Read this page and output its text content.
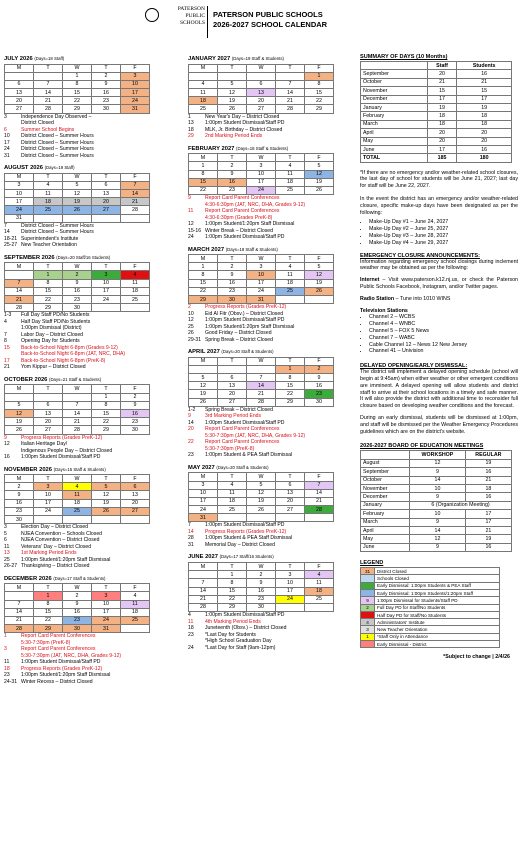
PATERSON
PUBLIC
SCHOOLS
PATERSON PUBLIC SCHOOLS
2026-2027 SCHOOL CALENDAR
JULY 2026 (Days=18 Staff)
M	T	W	T	F
		1	2	3
6	7	8	9	10
13	14	15	16	17
20	21	22	23	24
27	28	29	30	31
3	Independence Day Observed –
District Closed
6	Summer School Begins
10	District Closed – Summer Hours
17	District Closed – Summer Hours
24	District Closed – Summer Hours
31	District Closed – Summer Hours
AUGUST 2026 (Days=19 Staff)
M	T	W	T	F
3	4	5	6	7
10	11	12	13	14
17	18	19	20	21
24	25	26	27	28
31				
7	District Closed – Summer Hours
14	District Closed – Summer Hours
18-21 Superintendent's Institute
25-27 New Teacher Orientation
SEPTEMBER 2026 (Days=20 Staff/16 Students)
M	T	W	T	F
	1	2	3	4
7	8	9	10	11
14	15	16	17	18
21	22	23	24	25
28	29	30		
1-3	Full Day Staff PD/No Students
4	Half Day Staff PD/No Students
1:00pm Dismissal (District)
7	Labor Day – District Closed
8	Opening Day for Students
15	Back-to-School Night 6-8pm (Grades 9-12)
Back-to-School Night 6-8pm (JAT, NRC, DHA)
17	Back-to-School Night 6-8pm (PreK-8)
21	Yom Kippur – District Closed
OCTOBER 2026 (Days=21 Staff & Students)
M	T	W	T	F
			1	2
5	6	7	8	9
12	13	14	15	16
19	20	21	22	23
26	27	28	29	30
9	Progress Reports (Grades PreK-12)
12	Italian Heritage Day/
Indigenous People Day – District Closed
16	1:00pm Student Dismissal/Staff PD
NOVEMBER 2026 (Days=15 Staff & Students)
M	T	W	T	F
2	3	4	5	6
9	10	11	12	13
16	17	18	19	20
23	24	25	26	27
30				
3	Election Day – District Closed
5	NJEA Convention – Schools Closed
6	NJEA Convention – District Closed
11	Veterans' Day – District Closed
13	1st Marking Period Ends
25	1:00pm Student/1:20pm Staff Dismissal
26-27 Thanksgiving – District Closed
DECEMBER 2026 (Days=17 Staff & Students)
M	T	W	T	F
	1	2	3	4
7	8	9	10	11
14	15	16	17	18
21	22	23	24	25
28	29	30	31	
1	Report Card Parent Conferences
5:30-7:30pm (PreK-8)
3	Report Card Parent Conferences
5:30-7:30pm (JAT, NRC, DHA, Grades 9-12)
11	1:00pm Student Dismissal/Staff PD
18	Progress Reports (Grades PreK-12)
23	1:00pm Student/1:20pm Staff Dismissal
24-31 Winter Recess – District Closed
JANUARY 2027 (Days=19 Staff & Students)
M	T	W	T	F
				1
4	5	6	7	8
11	12	13	14	15
18	19	20	21	22
25	26	27	28	29
1	New Year's Day – District Closed
13	1:00pm Student Dismissal/Staff PD
18	MLK, Jr. Birthday – District Closed
29	2nd Marking Period Ends
FEBRUARY 2027 (Days=18 Staff & Students)
M	T	W	T	F
1	2	3	4	5
8	9	10	11	12
15	16	17	18	19
22	23	24	25	26
9	Report Card Parent Conferences
4:30-6:30pm (JAT, NRC, DHA, Grades 9-12)
11	Report Card Parent Conferences
4:30-6:30pm (Grades PreK-8)
12	1:00pm Student/1:20pm Staff Dismissal
15-16 Winter Break – District Closed
24	1:00pm Student Dismissal/Staff PD
MARCH 2027 (Days=18 Staff & Students)
M	T	W	T	F
1	2	3	4	5
8	9	10	11	12
15	16	17	18	19
22	23	24	25	26
29	30	31		
2	Progress Reports (Grades PreK-12)
10	Eid Al Fitr (Obsv.) – District Closed
12	1:00pm Student Dismissal/Staff PD
25	1:00pm Student/1:20pm Staff Dismissal
26	Good Friday – District Closed
29-31 Spring Break – District Closed
APRIL 2027 (Days=20 Staff & Students)
M	T	W	T	F
			1	2
5	6	7	8	9
12	13	14	15	16
19	20	21	22	23
26	27	28	29	30
1-2	Spring Break – District Closed
9	3rd Marking Period Ends
14	1:00pm Student Dismissal/Staff PD
20	Report Card Parent Conferences
5:30-7:30pm (JAT, NRC, DHA, Grades 9-12)
22	Report Card Parent Conferences
5:30-7:30pm (PreK-8)
23	1:00pm Student & PEA Staff Dismissal
MAY 2027 (Days=20 Staff & Students)
M	T	W	T	F
3	4	5	6	7
10	11	12	13	14
17	18	19	20	21
24	25	26	27	28
31				
7	1:00pm Student Dismissal/Staff PD
14	Progress Reports (Grades PreK-12)
28	1:00pm Student & PEA Staff Dismissal
31	Memorial Day – District Closed
JUNE 2027 (Days=17 Staff/16 Students)
M	T	W	T	F
	1	2	3	4
7	8	9	10	11
14	15	16	17	18
21	22	23	24	25
28	29	30		
4	1:00pm Student Dismissal/Staff PD
11	4th Marking Period Ends
18	Juneteenth (Obsv.) – District Closed
23	*Last Day for Students
*High School Graduation Day
24	*Last Day for Staff (9am-12pm)
SUMMARY OF DAYS (10 Months)
	Staff	Students
September	20	16
October	21	21
November	15	15
December	17	17
January	19	19
February	18	18
March	18	18
April	20	20
May	20	20
June	17	16
TOTAL	185	180

*If there are no emergency and/or weather-related school closures, the last day of school for students will be June 21, 2027; last day for staff will be June 22, 2027.

In the event the district has an emergency and/or weather-related closure, specific make-up days have been designated as per the following:

• Make-Up Day #1 – June 24, 2027
• Make-Up Day #2 – June 25, 2027
• Make-Up Day #3 – June 28, 2027
• Make-Up Day #4 – June 29, 2027
EMERGENCY CLOSURE ANNOUNCEMENTS:

Information regarding emergency school closings during inclement weather may be obtained as per the following:

Internet – Visit www.paterson.k12.nj.us, or check the Paterson Public Schools Facebook, Instagram, and/or Twitter pages.

Radio Station – Tune into 1010 WINS

Television Stations

• Channel 2 – WCBS
• Channel 4 – WNBC
• Channel 5 – FOX 5 News
• Channel 7 – WABC
• Cable Channel 12 – News 12 New Jersey
• Channel 41 – Univision
DELAYED OPENING/EARLY DISMISSAL:

The district will implement a delayed opening schedule (school will begin at 9:45am) when either weather or other emergent conditions are imminent. A delayed opening will allow students and district staff to arrive at their school locations in a timely and safe manner. It will also provide the district with additional time to reconsider full closure based on developing weather conditions and the forecast.

During an early dismissal, students will be dismissed at 1:00pm, and staff will be dismissed per the Weather Emergency Procedures guidelines which are on the district's website.

2026-2027 BOARD OF EDUCATION MEETINGS
	WORKSHOP	REGULAR
August	12	19
September	9	16
October	14	21
November	10	18
December	9	16
January	6 (Organization Meeting)	
February	10	17
March	9	17
April	14	21
May	12	19
June	9	16
LEGEND
31	District Closed
	Schools Closed
	Early Dismissal: 1:00pm Students & PEA Staff
	Early Dismissal: 1:00pm Students/1:20pm Staff
9	1:00pm Dismissal for Students/Staff PD
2	Full Day PD for Staff/No Students
	Half Day PD for Staff/No Students
4	Administrators' Institute
3	New Teacher Orientation
1	*Staff Only in Attendance
	Early Dismissal - District
*Subject to change | 2/4/26
